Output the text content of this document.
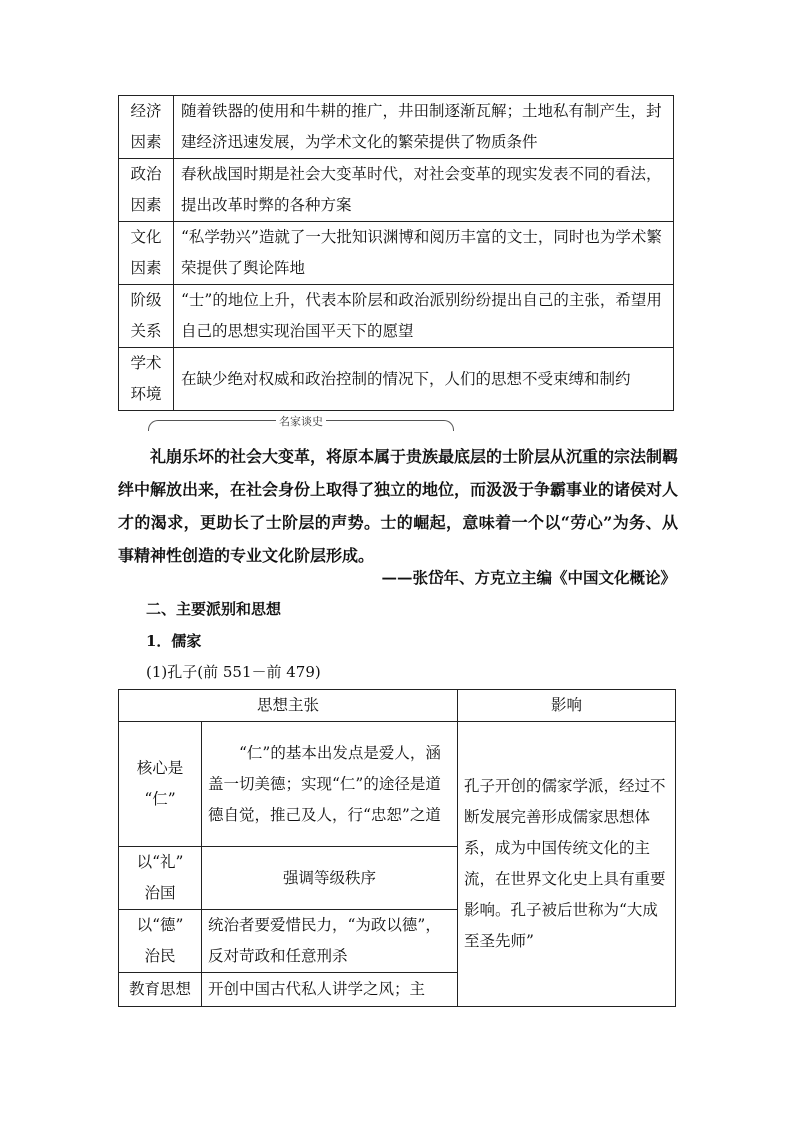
经济
因素	随着铁器的使用和牛耕的推广，井田制逐渐瓦解；土地私有制产生，封建经济迅速发展，为学术文化的繁荣提供了物质条件
政治
因素	春秋战国时期是社会大变革时代，对社会变革的现实发表不同的看法，提出改革时弊的各种方案
文化
因素	“私学勃兴”造就了一大批知识渊博和阅历丰富的文士，同时也为学术繁荣提供了舆论阵地
阶级
关系	“士”的地位上升，代表本阶层和政治派别纷纷提出自己的主张，希望用自己的思想实现治国平天下的愿望
学术
环境	在缺少绝对权威和政治控制的情况下，人们的思想不受束缚和制约
名家谈史

礼崩乐坏的社会大变革，将原本属于贵族最底层的士阶层从沉重的宗法制羁绊中解放出来，在社会身份上取得了独立的地位，而汲汲于争霸事业的诸侯对人才的渴求，更助长了士阶层的声势。士的崛起，意味着一个以“劳心”为务、从事精神性创造的专业文化阶层形成。

——张岱年、方克立主编《中国文化概论》
二、主要派别和思想
1．儒家
(1)孔子(前 551－前 479)
思想主张		影响
核心是
“仁”	“仁”的基本出发点是爱人，涵盖一切美德；实现“仁”的途径是道德自觉，推己及人，行“忠恕”之道	孔子开创的儒家学派，经过不断发展完善形成儒家思想体系，成为中国传统文化的主流，在世界文化史上具有重要影响。孔子被后世称为“大成至圣先师”
以“礼”
治国	强调等级秩序	
以“德”
治民	统治者要爱惜民力，“为政以德”，反对苛政和任意刑杀	
教育思想	开创中国古代私人讲学之风；主	
